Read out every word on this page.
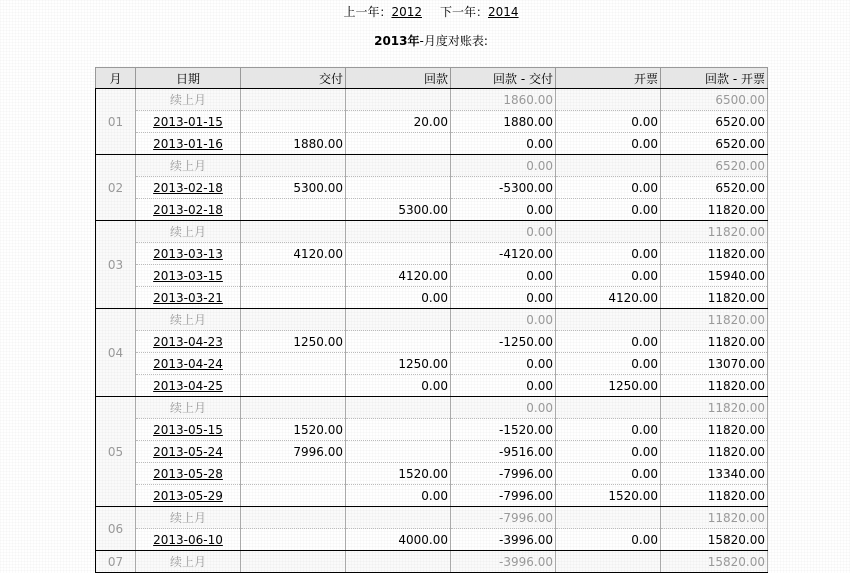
上一年：2012 下一年：2014
2013年-月度对账表:
月	日期	交付	回款	回款 - 交付	开票	回款 - 开票
01	续上月			1860.00		6500.00
	2013-01-15		20.00	1880.00	0.00	6520.00
	2013-01-16	1880.00		0.00	0.00	6520.00
02	续上月			0.00		6520.00
	2013-02-18	5300.00		-5300.00	0.00	6520.00
	2013-02-18		5300.00	0.00	0.00	11820.00
03	续上月			0.00		11820.00
	2013-03-13	4120.00		-4120.00	0.00	11820.00
	2013-03-15		4120.00	0.00	0.00	15940.00
	2013-03-21		0.00	0.00	4120.00	11820.00
04	续上月			0.00		11820.00
	2013-04-23	1250.00		-1250.00	0.00	11820.00
	2013-04-24		1250.00	0.00	0.00	13070.00
	2013-04-25		0.00	0.00	1250.00	11820.00
05	续上月			0.00		11820.00
	2013-05-15	1520.00		-1520.00	0.00	11820.00
	2013-05-24	7996.00		-9516.00	0.00	11820.00
	2013-05-28		1520.00	-7996.00	0.00	13340.00
	2013-05-29		0.00	-7996.00	1520.00	11820.00
06	续上月			-7996.00		11820.00
	2013-06-10		4000.00	-3996.00	0.00	15820.00
07	续上月			-3996.00		15820.00
